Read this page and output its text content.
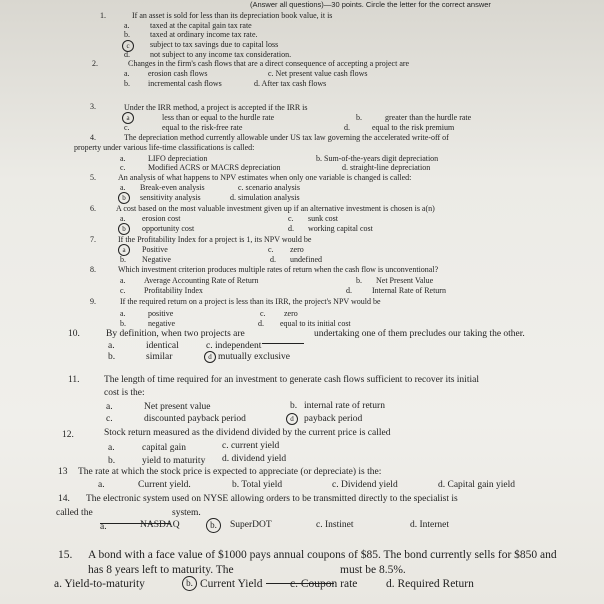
(Answer all questions)—30 points. Circle the letter for the correct answer
1.	If an asset is sold for less than its depreciation book value, it is
a.	taxed at the capital gain tax rate
b.	taxed at ordinary income tax rate.
c	subject to tax savings due to capital loss
d.	not subject to any income tax consideration.
2.	Changes in the firm's cash flows that are a direct consequence of accepting a project are
a. erosion cash flows	c. Net present value cash flows
b. incremental cash flows	d. After tax cash flows
3.	Under the IRR method, a project is accepted if the IRR is
a	less than or equal to the hurdle rate	b.	greater than the hurdle rate
c.	equal to the risk-free rate	d.	equal to the risk premium
4.	The depreciation method currently allowable under US tax law governing the accelerated write-off of
property under various life-time classifications is called:
a.	LIFO depreciation	b. Sum-of-the-years digit depreciation
c.	Modified ACRS or MACRS depreciation	d. straight-line depreciation
5.	An analysis of what happens to NPV estimates when only one variable is changed is called:
a. Break-even analysis	c. scenario analysis
b	sensitivity analysis	d. simulation analysis
6.	A cost based on the most valuable investment given up if an alternative investment is chosen is a(n)
a. erosion cost	c. sunk cost
b	opportunity cost	d. working capital cost
7.	If the Profitability Index for a project is 1, its NPV would be
a	Positive	c. zero
b. Negative	d. undefined
8.	Which investment criterion produces multiple rates of return when the cash flow is unconventional?
a. Average Accounting Rate of Return	b. Net Present Value
c. Profitability Index	d.	Internal Rate of Return
9.	If the required return on a project is less than its IRR, the project's NPV would be
a.	positive	c. zero
b.	negative	d. equal to its initial cost
10.	By definition, when two projects are	undertaking one of them precludes our taking the other.
a.	identical	c. independent
b.	similar	d mutually exclusive
11.	The length of time required for an investment to generate cash flows sufficient to recover its initial
cost is the:
a.	Net present value	b. internal rate of return
c.	discounted payback period	d	payback period
12.	Stock return measured as the dividend divided by the current price is called
a.	capital gain	c. current yield
b.	yield to maturity d. dividend yield
13 The rate at which the stock price is expected to appreciate (or depreciate) is the:
a.	Current yield.	b. Total yield	c. Dividend yield	d. Capital gain yield
14. The electronic system used on NYSE allowing orders to be transmitted directly to the specialist is
called the	system.
a.	NASDAQ	b.	SuperDOT	c. Instinet	d. Internet
15. A bond with a face value of $1000 pays annual coupons of $85. The bond currently sells for $850 and
has 8 years left to maturity. The	must be 8.5%.
a. Yield-to-maturity	b. Current Yield c. Coupon rate d. Required Return
